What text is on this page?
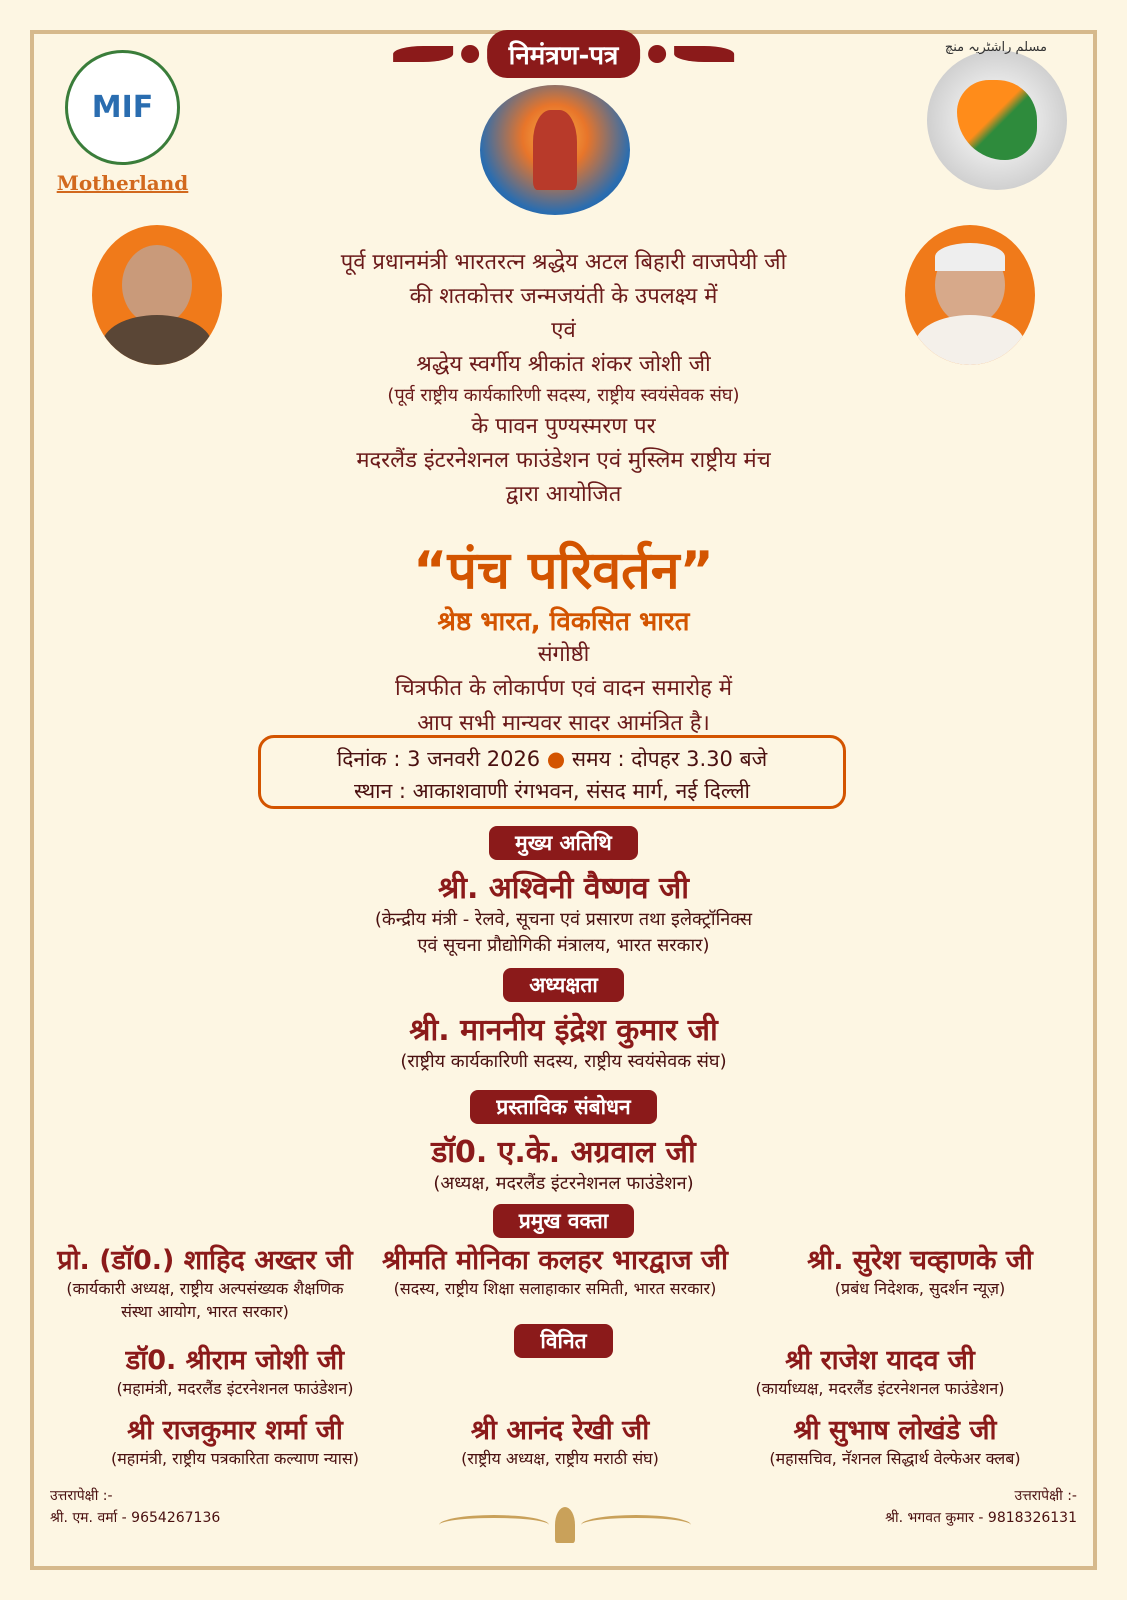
निमंत्रण-पत्र
MIF
Motherland
مسلم راشٹریہ منچ
पूर्व प्रधानमंत्री भारतरत्न श्रद्धेय अटल बिहारी वाजपेयी जी
की शतकोत्तर जन्मजयंती के उपलक्ष्य में
एवं
श्रद्धेय स्वर्गीय श्रीकांत शंकर जोशी जी
(पूर्व राष्ट्रीय कार्यकारिणी सदस्य, राष्ट्रीय स्वयंसेवक संघ)
के पावन पुण्यस्मरण पर
मदरलैंड इंटरनेशनल फाउंडेशन एवं मुस्लिम राष्ट्रीय मंच
द्वारा आयोजित
“पंच परिवर्तन”
श्रेष्ठ भारत, विकसित भारत
संगोष्ठी
चित्रफीत के लोकार्पण एवं वादन समारोह में
आप सभी मान्यवर सादर आमंत्रित है।
दिनांक : 3 जनवरी 2026 ● समय : दोपहर 3.30 बजे
स्थान : आकाशवाणी रंगभवन, संसद मार्ग, नई दिल्ली
मुख्य अतिथि
श्री. अश्विनी वैष्णव जी
(केन्द्रीय मंत्री - रेलवे, सूचना एवं प्रसारण तथा इलेक्ट्रॉनिक्स
एवं सूचना प्रौद्योगिकी मंत्रालय, भारत सरकार)
अध्यक्षता
श्री. माननीय इंद्रेश कुमार जी
(राष्ट्रीय कार्यकारिणी सदस्य, राष्ट्रीय स्वयंसेवक संघ)
प्रस्ताविक संबोधन
डॉ0. ए.के. अग्रवाल जी
(अध्यक्ष, मदरलैंड इंटरनेशनल फाउंडेशन)
प्रमुख वक्ता
प्रो. (डॉ0.) शाहिद अख्तर जी
(कार्यकारी अध्यक्ष, राष्ट्रीय अल्पसंख्यक शैक्षणिक
संस्था आयोग, भारत सरकार)
श्रीमति मोनिका कलहर भारद्वाज जी
(सदस्य, राष्ट्रीय शिक्षा सलाहाकार समिती, भारत सरकार)
श्री. सुरेश चव्हाणके जी
(प्रबंध निदेशक, सुदर्शन न्यूज़)
विनित
डॉ0. श्रीराम जोशी जी
(महामंत्री, मदरलैंड इंटरनेशनल फाउंडेशन)
श्री राजेश यादव जी
(कार्याध्यक्ष, मदरलैंड इंटरनेशनल फाउंडेशन)
श्री राजकुमार शर्मा जी
(महामंत्री, राष्ट्रीय पत्रकारिता कल्याण न्यास)
श्री आनंद रेखी जी
(राष्ट्रीय अध्यक्ष, राष्ट्रीय मराठी संघ)
श्री सुभाष लोखंडे जी
(महासचिव, नॅशनल सिद्धार्थ वेल्फेअर क्लब)
उत्तरापेक्षी :-
श्री. एम. वर्मा - 9654267136
उत्तरापेक्षी :-
श्री. भगवत कुमार - 9818326131
